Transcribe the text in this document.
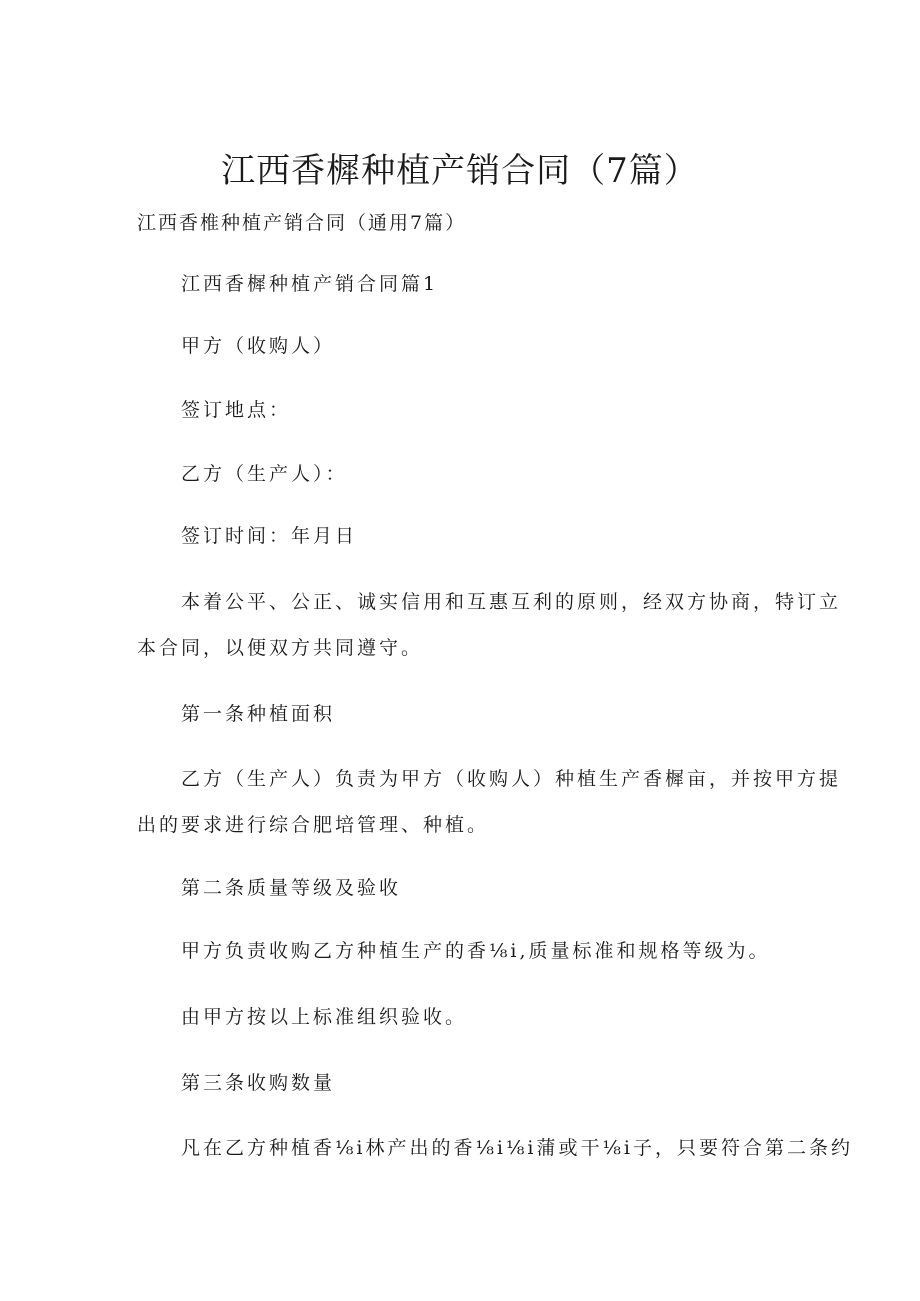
江西香樨种植产销合同（7篇）
江西香椎种植产销合同（通用7篇）
江西香樨种植产销合同篇1
甲方（收购人）
签订地点：
乙方（生产人）：
签订时间：年月日
本着公平、公正、诚实信用和互惠互利的原则，经双方协商，特订立
本合同，以便双方共同遵守。
第一条种植面积
乙方（生产人）负责为甲方（收购人）种植生产香樨亩，并按甲方提
出的要求进行综合肥培管理、种植。
第二条质量等级及验收
甲方负责收购乙方种植生产的香⅛i,质量标准和规格等级为。
由甲方按以上标准组织验收。
第三条收购数量
凡在乙方种植香⅛i林产出的香⅛i⅛i蒲或干⅛i子，只要符合第二条约
